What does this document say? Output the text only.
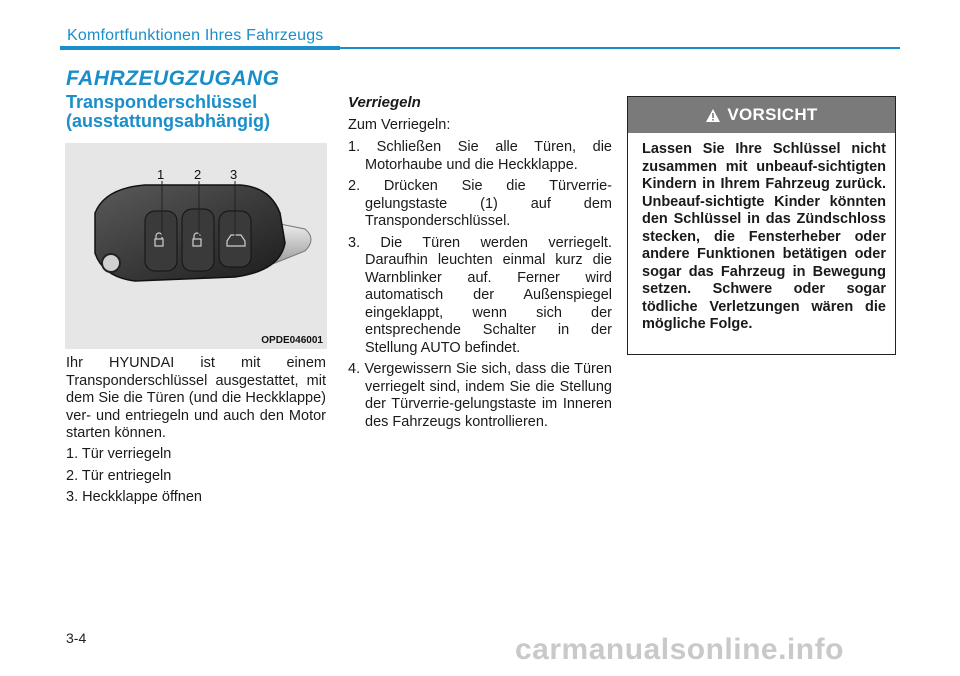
Komfortfunktionen Ihres Fahrzeugs
FAHRZEUGZUGANG
Transponderschlüssel (ausstattungsabhängig)
1 2 3
OPDE046001
Ihr HYUNDAI ist mit einem Transponderschlüssel ausgestattet, mit dem Sie die Türen (und die Heckklappe) ver- und entriegeln und auch den Motor starten können.
1. Tür verriegeln
2. Tür entriegeln
3. Heckklappe öffnen
Verriegeln
Zum Verriegeln:
1. Schließen Sie alle Türen, die Motorhaube und die Heckklappe.
2. Drücken Sie die Türverrie-gelungstaste (1) auf dem Transponderschlüssel.
3. Die Türen werden verriegelt. Daraufhin leuchten einmal kurz die Warnblinker auf. Ferner wird automatisch der Außenspiegel eingeklappt, wenn sich der entsprechende Schalter in der Stellung AUTO befindet.
4. Vergewissern Sie sich, dass die Türen verriegelt sind, indem Sie die Stellung der Türverrie-gelungstaste im Inneren des Fahrzeugs kontrollieren.
VORSICHT
Lassen Sie Ihre Schlüssel nicht zusammen mit unbeauf-sichtigten Kindern in Ihrem Fahrzeug zurück. Unbeauf-sichtigte Kinder könnten den Schlüssel in das Zündschloss stecken, die Fensterheber oder andere Funktionen betätigen oder sogar das Fahrzeug in Bewegung setzen. Schwere oder sogar tödliche Verletzungen wären die mögliche Folge.
3-4	carmanualsonline.info
